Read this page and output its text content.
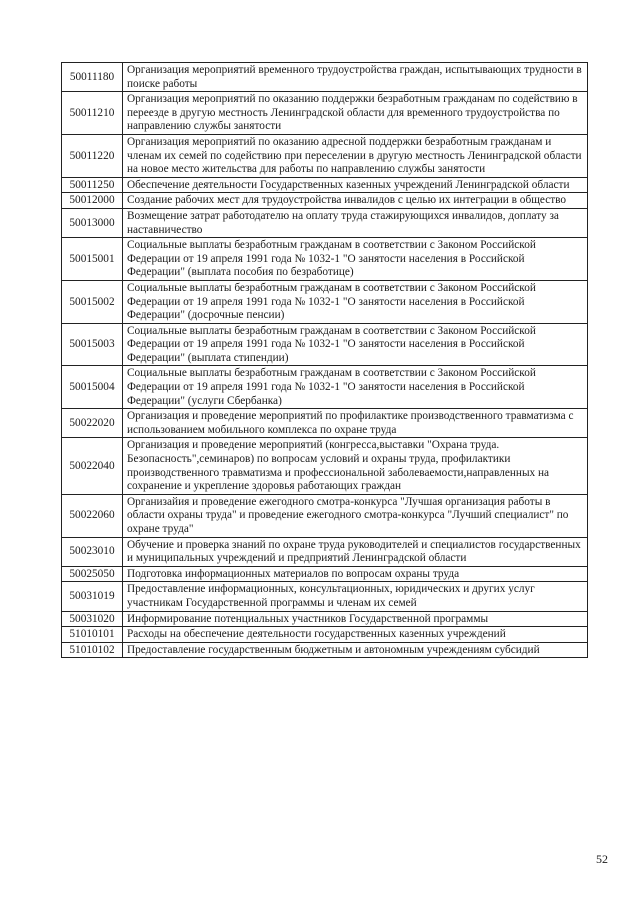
50011180	Организация мероприятий временного трудоустройства граждан, испытывающих трудности в поиске работы
50011210	Организация мероприятий по оказанию поддержки безработным гражданам по содействию в переезде в другую местность Ленинградской области для временного трудоустройства по направлению службы занятости
50011220	Организация мероприятий по оказанию адресной поддержки безработным гражданам и членам их семей по содействию при переселении в другую местность Ленинградской области на новое место жительства для работы по направлению службы занятости
50011250	Обеспечение деятельности Государственных казенных учреждений Ленинградской области
50012000	Создание рабочих мест для трудоустройства инвалидов с целью их интеграции в общество
50013000	Возмещение затрат работодателю на оплату труда стажирующихся инвалидов, доплату за наставничество
50015001	Социальные выплаты безработным гражданам в соответствии с Законом Российской Федерации от 19 апреля 1991 года № 1032-1 "О занятости населения в Российской Федерации" (выплата пособия по безработице)
50015002	Социальные выплаты безработным гражданам в соответствии с Законом Российской Федерации от 19 апреля 1991 года № 1032-1 "О занятости населения в Российской Федерации" (досрочные пенсии)
50015003	Социальные выплаты безработным гражданам в соответствии с Законом Российской Федерации от 19 апреля 1991 года № 1032-1 "О занятости населения в Российской Федерации" (выплата стипендии)
50015004	Социальные выплаты безработным гражданам в соответствии с Законом Российской Федерации от 19 апреля 1991 года № 1032-1 "О занятости населения в Российской Федерации" (услуги Сбербанка)
50022020	Организация и проведение мероприятий по профилактике производственного травматизма с использованием мобильного комплекса по охране труда
50022040	Организация и проведение мероприятий (конгресса,выставки "Охрана труда. Безопасность",семинаров) по вопросам условий и охраны труда, профилактики производственного травматизма и профессиональной заболеваемости,направленных на сохранение и укрепление здоровья работающих граждан
50022060	Организайия и проведение ежегодного смотра-конкурса "Лучшая организация работы в области охраны труда" и проведение ежегодного смотра-конкурса "Лучший специалист" по охране труда"
50023010	Обучение и проверка знаний по охране труда руководителей и специалистов государственных и муниципальных учреждений и предприятий Ленинградской области
50025050	Подготовка информационных материалов по вопросам охраны труда
50031019	Предоставление информационных, консультационных, юридических и других услуг участникам Государственной программы и членам их семей
50031020	Информирование потенциальных участников Государственной программы
51010101	Расходы на обеспечение деятельности государственных казенных учреждений
51010102	Предоставление государственным бюджетным и автономным учреждениям субсидий
52
